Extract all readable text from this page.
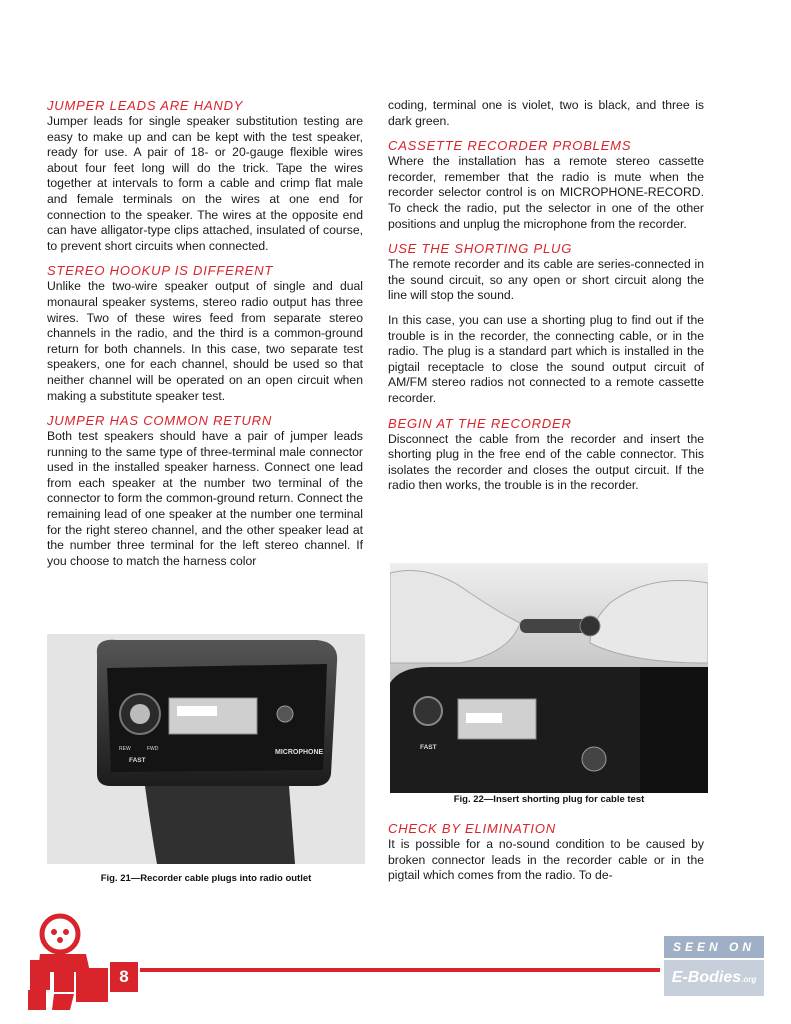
JUMPER LEADS ARE HANDY

Jumper leads for single speaker substitution testing are easy to make up and can be kept with the test speaker, ready for use. A pair of 18- or 20-gauge flexible wires about four feet long will do the trick. Tape the wires together at intervals to form a cable and crimp flat male and female terminals on the wires at one end for connection to the speaker. The wires at the opposite end can have alligator-type clips attached, insulated of course, to prevent short circuits when connected.

STEREO HOOKUP IS DIFFERENT

Unlike the two-wire speaker output of single and dual monaural speaker systems, stereo radio output has three wires. Two of these wires feed from separate stereo channels in the radio, and the third is a common-ground return for both channels. In this case, two separate test speakers, one for each channel, should be used so that neither channel will be operated on an open circuit when making a substitute speaker test.

JUMPER HAS COMMON RETURN

Both test speakers should have a pair of jumper leads running to the same type of three-terminal male connector used in the installed speaker harness. Connect one lead from each speaker at the number two terminal of the connector to form the common-ground return. Connect the remaining lead of one speaker at the number one terminal for the right stereo channel, and the other speaker lead at the number three terminal for the left stereo channel. If you choose to match the harness color

coding, terminal one is violet, two is black, and three is dark green.

CASSETTE RECORDER PROBLEMS

Where the installation has a remote stereo cassette recorder, remember that the radio is mute when the recorder selector control is on MICROPHONE-RECORD. To check the radio, put the selector in one of the other positions and unplug the microphone from the recorder.

USE THE SHORTING PLUG

The remote recorder and its cable are series-connected in the sound circuit, so any open or short circuit along the line will stop the sound.

In this case, you can use a shorting plug to find out if the trouble is in the recorder, the connecting cable, or in the radio. The plug is a standard part which is installed in the pigtail receptacle to close the sound output circuit of AM/FM stereo radios not connected to a remote cassette recorder.

BEGIN AT THE RECORDER

Disconnect the cable from the recorder and insert the shorting plug in the free end of the cable connector. This isolates the recorder and closes the output circuit. If the radio then works, the trouble is in the recorder.

MICROPHONE
FAST
REW	FWD
Fig. 21—Recorder cable plugs into radio outlet
FAST
Fig. 22—Insert shorting plug for cable test
CHECK BY ELIMINATION

It is possible for a no-sound condition to be caused by broken connector leads in the recorder cable or in the pigtail which comes from the radio. To de-

8
SEEN ON
E-Bodies.org
